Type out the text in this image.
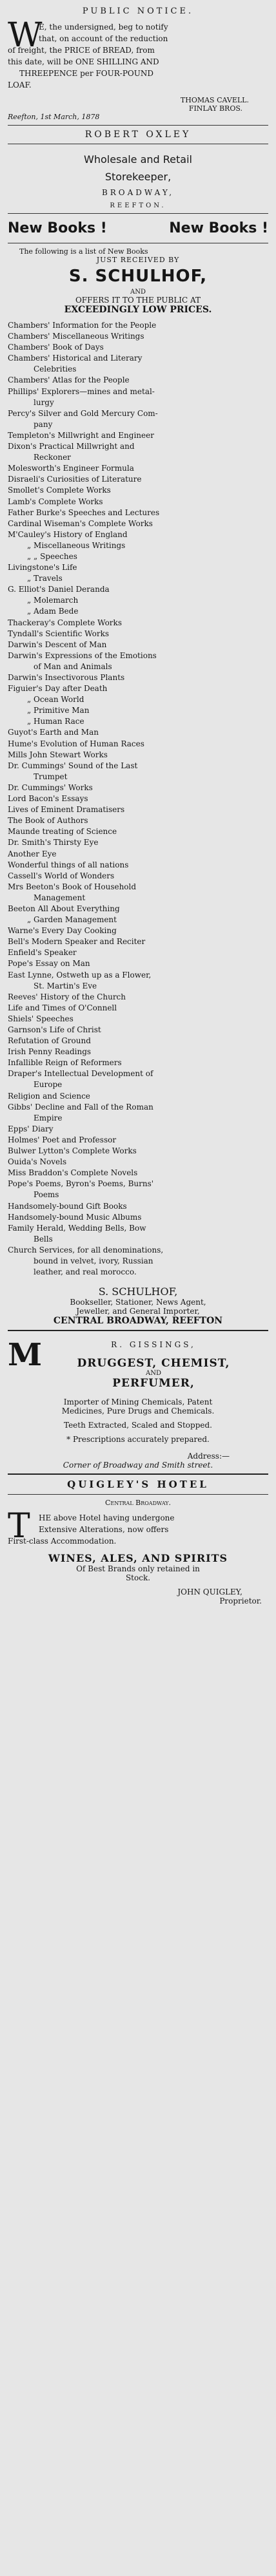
PUBLIC NOTICE.
W
E, the undersigned, beg to notify
that, on account of the reduction
of freight, the PRICE of BREAD, from
this date, will be ONE SHILLING AND
THREEPENCE per FOUR-POUND
LOAF.
THOMAS CAVELL.
FINLAY BROS.
Reefton, 1st March, 1878
ROBERT OXLEY
Wholesale and Retail
Storekeeper,
BROADWAY,
REEFTON.
New Books !	New Books !
The following is a list of New Books
JUST RECEIVED BY
S. SCHULHOF,
AND
OFFERS IT TO THE PUBLIC AT
EXCEEDINGLY LOW PRICES.
Chambers' Information for the People
Chambers' Miscellaneous Writings
Chambers' Book of Days
Chambers' Historical and Literary
Celebrities
Chambers' Atlas for the People
Phillips' Explorers—mines and metal-
lurgy
Percy's Silver and Gold Mercury Com-
pany
Templeton's Millwright and Engineer
Dixon's Practical Millwright and
Reckoner
Molesworth's Engineer Formula
Disraeli's Curiosities of Literature
Smollet's Complete Works
Lamb's Complete Works
Father Burke's Speeches and Lectures
Cardinal Wiseman's Complete Works
M'Cauley's History of England
„ Miscellaneous Writings
„ „ Speeches
Livingstone's Life
„ Travels
G. Elliot's Daniel Deranda
„ Molemarch
„ Adam Bede
Thackeray's Complete Works
Tyndall's Scientific Works
Darwin's Descent of Man
Darwin's Expressions of the Emotions
of Man and Animals
Darwin's Insectivorous Plants
Figuier's Day after Death
„ Ocean World
„ Primitive Man
„ Human Race
Guyot's Earth and Man
Hume's Evolution of Human Races
Mills John Stewart Works
Dr. Cummings' Sound of the Last
Trumpet
Dr. Cummings' Works
Lord Bacon's Essays
Lives of Eminent Dramatisers
The Book of Authors
Maunde treating of Science
Dr. Smith's Thirsty Eye
Another Eye
Wonderful things of all nations
Cassell's World of Wonders
Mrs Beeton's Book of Household
Management
Beeton All About Everything
„ Garden Management
Warne's Every Day Cooking
Bell's Modern Speaker and Reciter
Enfield's Speaker
Pope's Essay on Man
East Lynne, Ostweth up as a Flower,
St. Martin's Eve
Reeves' History of the Church
Life and Times of O'Connell
Shiels' Speeches
Garnson's Life of Christ
Refutation of Ground
Irish Penny Readings
Infallible Reign of Reformers
Draper's Intellectual Development of
Europe
Religion and Science
Gibbs' Decline and Fall of the Roman
Empire
Epps' Diary
Holmes' Poet and Professor
Bulwer Lytton's Complete Works
Ouida's Novels
Miss Braddon's Complete Novels
Pope's Poems, Byron's Poems, Burns'
Poems
Handsomely-bound Gift Books
Handsomely-bound Music Albums
Family Herald, Wedding Bells, Bow
Bells
Church Services, for all denominations,
bound in velvet, ivory, Russian
leather, and real morocco.
S. SCHULHOF,
Bookseller, Stationer, News Agent,
Jeweller, and General Importer,
CENTRAL BROADWAY, REEFTON
M	R. GISSINGS,
DRUGGEST, CHEMIST,
AND
PERFUMER,
Importer of Mining Chemicals, Patent
Medicines, Pure Drugs and Chemicals.
Teeth Extracted, Scaled and Stopped.
* Prescriptions accurately prepared.
Address:—
Corner of Broadway and Smith street.
QUIGLEY'S HOTEL
Central Broadway.
T HE above Hotel having undergone
Extensive Alterations, now offers
First-class Accommodation.
WINES, ALES, AND SPIRITS
Of Best Brands only retained in
Stock.
JOHN QUIGLEY,
Proprietor.
